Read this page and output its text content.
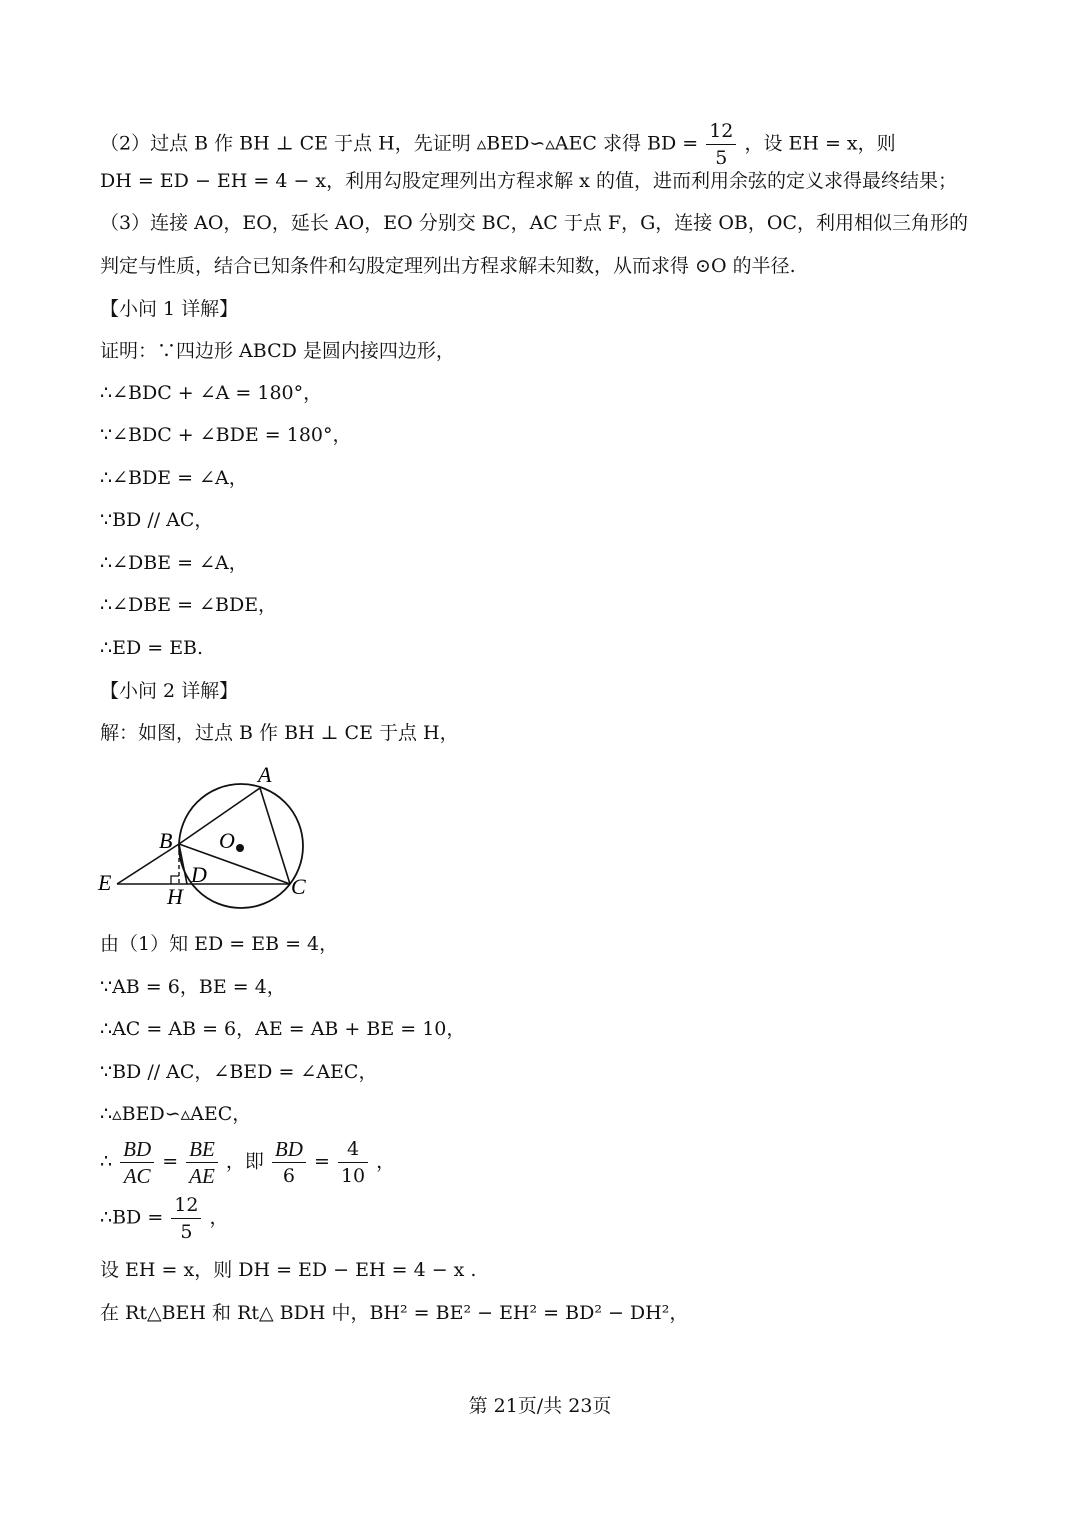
（2）过点 B 作 BH ⊥ CE 于点 H，先证明 ▵BED∽▵AEC 求得 BD = $\frac{12}{5}$ ，设 EH = x，则
DH = ED − EH = 4 − x，利用勾股定理列出方程求解 x 的值，进而利用余弦的定义求得最终结果；
（3）连接 AO，EO，延长 AO，EO 分别交 BC，AC 于点 F，G，连接 OB，OC，利用相似三角形的
判定与性质，结合已知条件和勾股定理列出方程求解未知数，从而求得 ⊙O 的半径.
【小问 1 详解】
证明：∵四边形 ABCD 是圆内接四边形，
∴∠BDC + ∠A = 180°，
∵∠BDC + ∠BDE = 180°，
∴∠BDE = ∠A，
∵BD // AC，
∴∠DBE = ∠A，
∴∠DBE = ∠BDE，
∴ED = EB.
【小问 2 详解】
解：如图，过点 B 作 BH ⊥ CE 于点 H，
A
B O
D
E
H	C
由（1）知 ED = EB = 4，
∵AB = 6，BE = 4，
∴AC = AB = 6，AE = AB + BE = 10，
∵BD // AC，∠BED = ∠AEC，
∴▵BED∽▵AEC，
∴ $\frac{BD}{AC} = \frac{BE}{AE}$ ，即 $\frac{BD}{6} = \frac{4}{10}$ ，
∴BD = $\frac{12}{5}$ ，
设 EH = x，则 DH = ED − EH = 4 − x .
在 Rt△BEH 和 Rt△ BDH 中，BH² = BE² − EH² = BD² − DH²，
第 21页/共 23页
